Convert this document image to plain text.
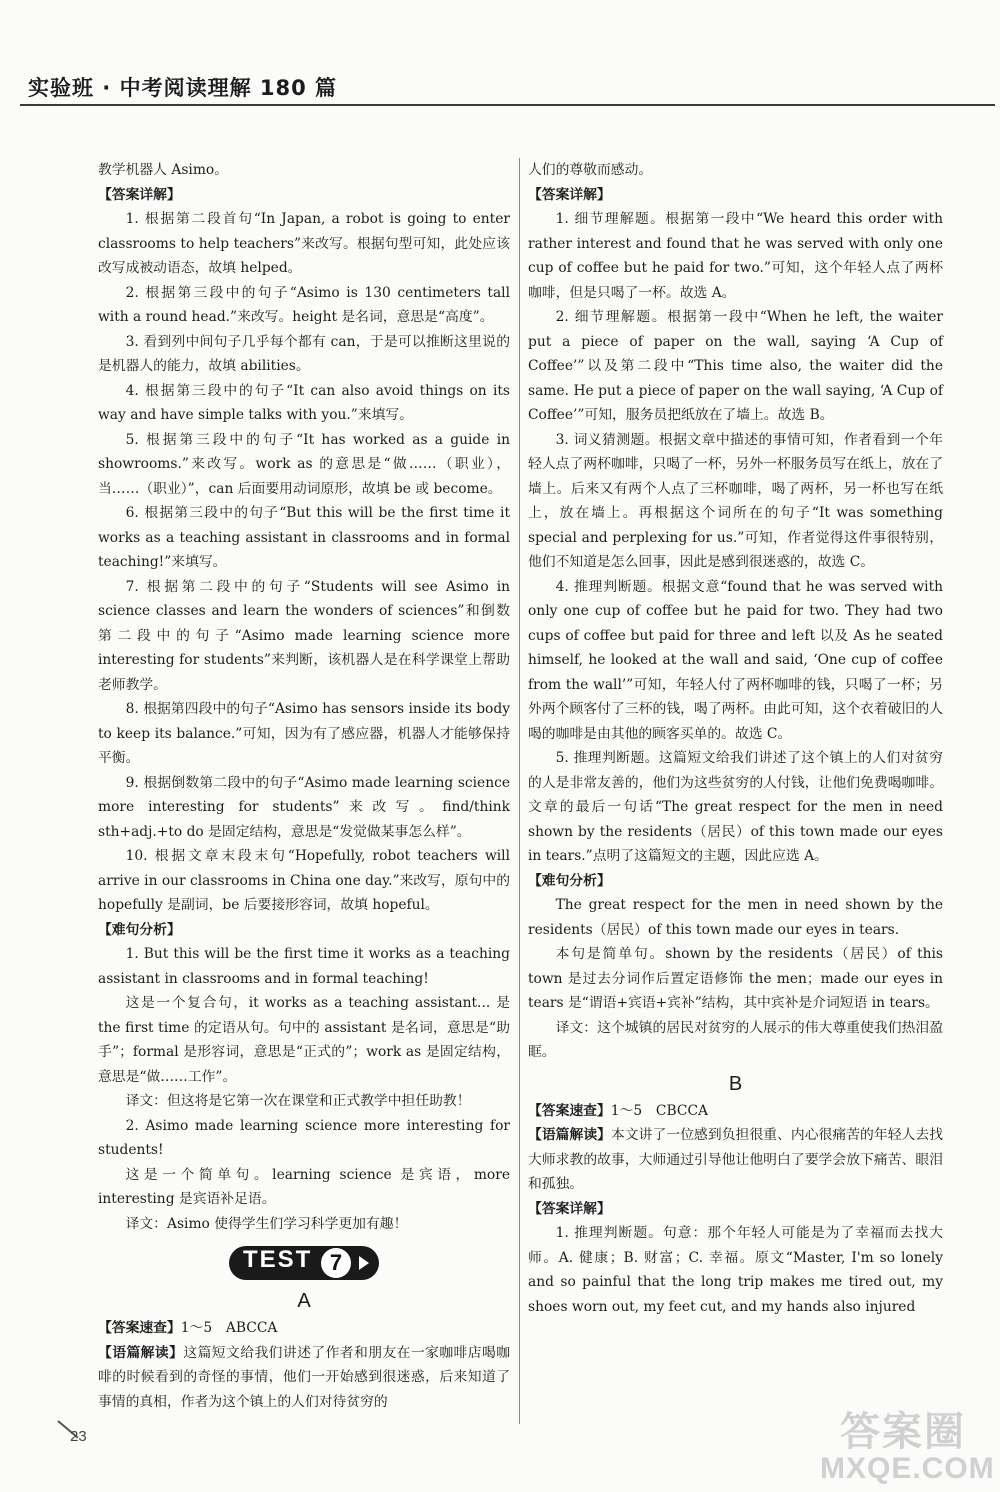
实验班 · 中考阅读理解 180 篇

教学机器人 Asimo。

【答案详解】

1. 根据第二段首句“In Japan, a robot is going to enter classrooms to help teachers”来改写。根据句型可知，此处应该改写成被动语态，故填 helped。

2. 根据第三段中的句子“Asimo is 130 centimeters tall with a round head.”来改写。height 是名词，意思是“高度”。

3. 看到列中间句子几乎每个都有 can，于是可以推断这里说的是机器人的能力，故填 abilities。

4. 根据第三段中的句子“It can also avoid things on its way and have simple talks with you.”来填写。

5. 根据第三段中的句子“It has worked as a guide in showrooms.”来改写。work as 的意思是“做……（职业），当……（职业）”，can 后面要用动词原形，故填 be 或 become。

6. 根据第三段中的句子“But this will be the first time it works as a teaching assistant in classrooms and in formal teaching!”来填写。

7. 根据第二段中的句子“Students will see Asimo in science classes and learn the wonders of sciences”和倒数第二段中的句子“Asimo made learning science more interesting for students”来判断，该机器人是在科学课堂上帮助老师教学。

8. 根据第四段中的句子“Asimo has sensors inside its body to keep its balance.”可知，因为有了感应器，机器人才能够保持平衡。

9. 根据倒数第二段中的句子“Asimo made learning science more interesting for students”来改写。find/think sth+adj.+to do 是固定结构，意思是“发觉做某事怎么样”。

10. 根据文章末段末句“Hopefully, robot teachers will arrive in our classrooms in China one day.”来改写，原句中的 hopefully 是副词，be 后要接形容词，故填 hopeful。

【难句分析】

1. But this will be the first time it works as a teaching assistant in classrooms and in formal teaching!

这是一个复合句，it works as a teaching assistant... 是 the first time 的定语从句。句中的 assistant 是名词，意思是“助手”；formal 是形容词，意思是“正式的”；work as 是固定结构，意思是“做……工作”。

译文：但这将是它第一次在课堂和正式教学中担任助教！

2. Asimo made learning science more interesting for students!

这是一个简单句。learning science 是宾语，more interesting 是宾语补足语。

译文：Asimo 使得学生们学习科学更加有趣！

TEST 7

A

【答案速查】1～5　ABCCA

【语篇解读】这篇短文给我们讲述了作者和朋友在一家咖啡店喝咖啡的时候看到的奇怪的事情，他们一开始感到很迷惑，后来知道了事情的真相，作者为这个镇上的人们对待贫穷的

人们的尊敬而感动。

【答案详解】

1. 细节理解题。根据第一段中“We heard this order with rather interest and found that he was served with only one cup of coffee but he paid for two.”可知，这个年轻人点了两杯咖啡，但是只喝了一杯。故选 A。

2. 细节理解题。根据第一段中“When he left, the waiter put a piece of paper on the wall, saying ‘A Cup of Coffee’”以及第二段中“This time also, the waiter did the same. He put a piece of paper on the wall saying, ‘A Cup of Coffee’”可知，服务员把纸放在了墙上。故选 B。

3. 词义猜测题。根据文章中描述的事情可知，作者看到一个年轻人点了两杯咖啡，只喝了一杯，另外一杯服务员写在纸上，放在了墙上。后来又有两个人点了三杯咖啡，喝了两杯，另一杯也写在纸上，放在墙上。再根据这个词所在的句子“It was something special and perplexing for us.”可知，作者觉得这件事很特别，他们不知道是怎么回事，因此是感到很迷惑的，故选 C。

4. 推理判断题。根据文意“found that he was served with only one cup of coffee but he paid for two. They had two cups of coffee but paid for three and left 以及 As he seated himself, he looked at the wall and said, ‘One cup of coffee from the wall’”可知，年轻人付了两杯咖啡的钱，只喝了一杯；另外两个顾客付了三杯的钱，喝了两杯。由此可知，这个衣着破旧的人喝的咖啡是由其他的顾客买单的。故选 C。

5. 推理判断题。这篇短文给我们讲述了这个镇上的人们对贫穷的人是非常友善的，他们为这些贫穷的人付钱，让他们免费喝咖啡。文章的最后一句话“The great respect for the men in need shown by the residents（居民）of this town made our eyes in tears.”点明了这篇短文的主题，因此应选 A。

【难句分析】

The great respect for the men in need shown by the residents（居民）of this town made our eyes in tears.

本句是简单句。shown by the residents（居民）of this town 是过去分词作后置定语修饰 the men；made our eyes in tears 是“谓语+宾语+宾补”结构，其中宾补是介词短语 in tears。

译文：这个城镇的居民对贫穷的人展示的伟大尊重使我们热泪盈眶。

B

【答案速查】1～5　CBCCA

【语篇解读】本文讲了一位感到负担很重、内心很痛苦的年轻人去找大师求教的故事，大师通过引导他让他明白了要学会放下痛苦、眼泪和孤独。

【答案详解】

1. 推理判断题。句意：那个年轻人可能是为了幸福而去找大师。A. 健康；B. 财富；C. 幸福。原文“Master, I'm so lonely and so painful that the long trip makes me tired out, my shoes worn out, my feet cut, and my hands also injured

23	答案圈
MXQE.COM
